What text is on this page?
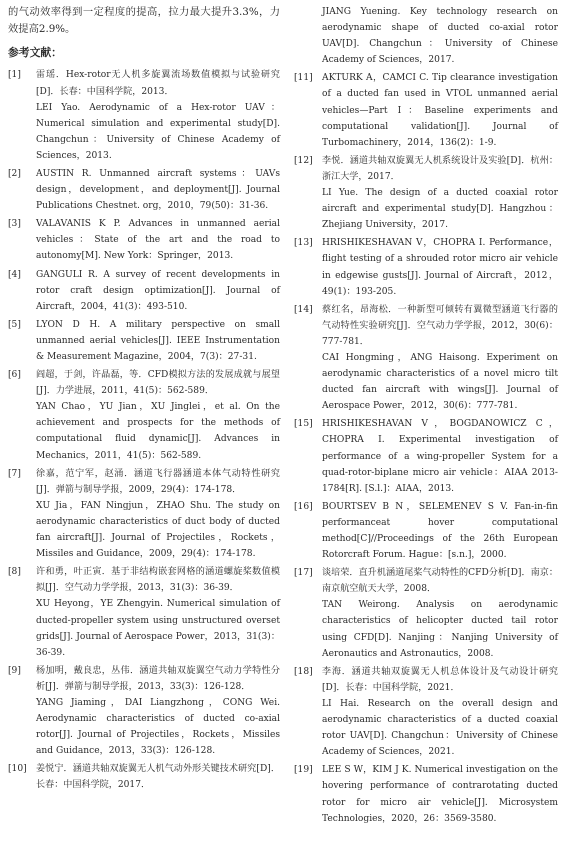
的气动效率得到一定程度的提高，拉力最大提升3.3%，力效提高2.9%。

参考文献：
[1] 雷瑶．Hex-rotor无人机多旋翼流场数值模拟与试验研究[D]．长春：中国科学院，2013．
LEI Yao. Aerodynamic of a Hex-rotor UAV：Numerical simulation and experimental study[D]. Changchun：University of Chinese Academy of Sciences，2013.
[2] AUSTIN R. Unmanned aircraft systems：UAVs design，development，and deployment[J]. Journal Publications Chestnet. org，2010，79(50)：31-36.
[3] VALAVANIS K P. Advances in unmanned aerial vehicles：State of the art and the road to autonomy[M]. New York：Springer，2013.
[4] GANGULI R. A survey of recent developments in rotor craft design optimization[J]. Journal of Aircraft，2004，41(3)：493-510.
[5] LYON D H. A military perspective on small unmanned aerial vehicles[J]. IEEE Instrumentation & Measurement Magazine，2004，7(3)：27-31.
[6] 阎超，于剑，许晶磊，等．CFD模拟方法的发展成就与展望[J]．力学进展，2011，41(5)：562-589．
YAN Chao，YU Jian，XU Jinglei，et al. On the achievement and prospects for the methods of computational fluid dynamic[J]. Advances in Mechanics，2011，41(5)：562-589.
[7] 徐嘉，范宁军，赵涌．涵道飞行器涵道本体气动特性研究[J]．弹箭与制导学报，2009，29(4)：174-178．
XU Jia，FAN Ningjun，ZHAO Shu. The study on aerodynamic characteristics of duct body of ducted fan aircraft[J]. Journal of Projectiles，Rockets，Missiles and Guidance，2009，29(4)：174-178.
[8] 许和勇，叶正寅．基于非结构嵌套网格的涵道螺旋桨数值模拟[J]．空气动力学学报，2013，31(3)：36-39．
XU Heyong，YE Zhengyin. Numerical simulation of ducted-propeller system using unstructured overset grids[J]. Journal of Aerospace Power，2013，31(3)：36-39.
[9] 杨加明，戴良忠，丛伟．涵道共轴双旋翼空气动力学特性分析[J]．弹箭与制导学报，2013，33(3)：126-128．
YANG Jiaming，DAI Liangzhong，CONG Wei. Aerodynamic characteristics of ducted co-axial rotor[J]. Journal of Projectiles，Rockets，Missiles and Guidance，2013，33(3)：126-128.
[10] 姜悦宁．涵道共轴双旋翼无人机气动外形关键技术研究[D]．长春：中国科学院，2017．
JIANG Yuening. Key technology research on aerodynamic shape of ducted co-axial rotor UAV[D]. Changchun：University of Chinese Academy of Sciences，2017.
[11] AKTURK A，CAMCI C. Tip clearance investigation of a ducted fan used in VTOL unmanned aerial vehicles—Part I：Baseline experiments and computational validation[J]. Journal of Turbomachinery，2014，136(2)：1-9.
[12] 李悦．涵道共轴双旋翼无人机系统设计及实验[D]．杭州：浙江大学，2017．
LI Yue. The design of a ducted coaxial rotor aircraft and experimental study[D]. Hangzhou：Zhejiang University，2017.
[13] HRISHIKESHAVAN V，CHOPRA I. Performance，flight testing of a shrouded rotor micro air vehicle in edgewise gusts[J]. Journal of Aircraft，2012，49(1)：193-205.
[14] 蔡红名，昂海松．一种新型可倾转有翼微型涵道飞行器的气动特性实验研究[J]．空气动力学学报，2012，30(6)：777-781．
CAI Hongming，ANG Haisong. Experiment on aerodynamic characteristics of a novel micro tilt ducted fan aircraft with wings[J]. Journal of Aerospace Power，2012，30(6)：777-781.
[15] HRISHIKESHAVAN V，BOGDANOWICZ C，CHOPRA I. Experimental investigation of performance of a wing-propeller System for a quad-rotor-biplane micro air vehicle：AIAA 2013-1784[R]. [S.l.]：AIAA，2013.
[16] BOURTSEV B N，SELEMENEV S V. Fan-in-fin performanceat hover computational method[C]//Proceedings of the 26th European Rotorcraft Forum. Hague：[s.n.]，2000.
[17] 谈培荣．直升机涵道尾桨气动特性的CFD分析[D]．南京：南京航空航天大学，2008．
TAN Weirong. Analysis on aerodynamic characteristics of helicopter ducted tail rotor using CFD[D]. Nanjing：Nanjing University of Aeronautics and Astronautics，2008.
[18] 李海．涵道共轴双旋翼无人机总体设计及气动设计研究[D]．长春：中国科学院，2021．
LI Hai. Research on the overall design and aerodynamic characteristics of a ducted coaxial rotor UAV[D]. Changchun：University of Chinese Academy of Sciences，2021.
[19] LEE S W，KIM J K. Numerical investigation on the hovering performance of contrarotating ducted rotor for micro air vehicle[J]. Microsystem Technologies，2020，26：3569-3580.
